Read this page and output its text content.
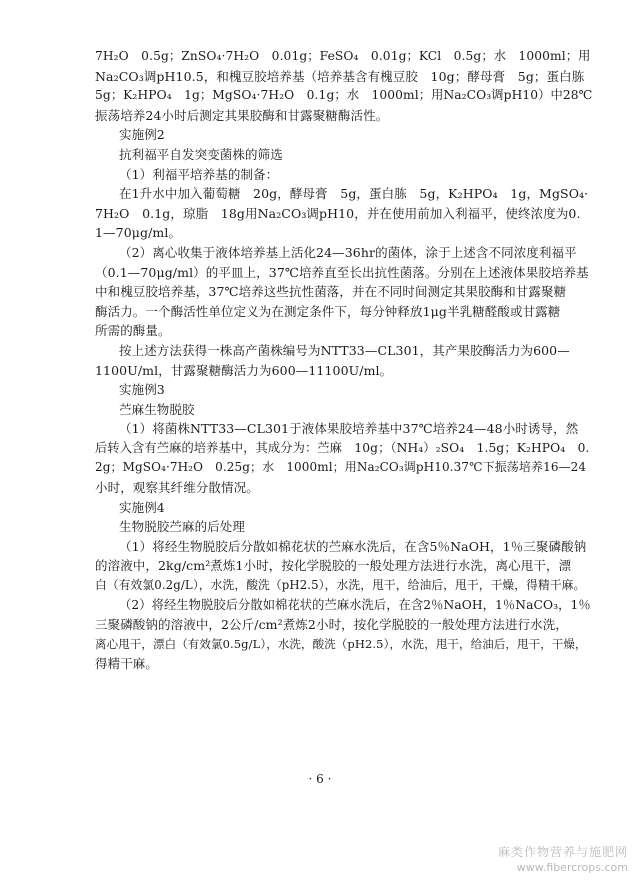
7H₂O　0.5g；ZnSO₄·7H₂O　0.01g；FeSO₄　0.01g；KCl　0.5g；水　1000ml；用
Na₂CO₃调pH10.5，和槐豆胶培养基（培养基含有槐豆胶　10g；酵母膏　5g；蛋白胨
5g；K₂HPO₄　1g；MgSO₄·7H₂O　0.1g；水　1000ml；用Na₂CO₃调pH10）中28℃
振荡培养24小时后测定其果胶酶和甘露聚糖酶活性。
实施例2
抗利福平自发突变菌株的筛选
（1）利福平培养基的制备：
在1升水中加入葡萄糖　20g，酵母膏　5g，蛋白胨　5g，K₂HPO₄　1g，MgSO₄·
7H₂O　0.1g，琼脂　18g用Na₂CO₃调pH10，并在使用前加入利福平，使终浓度为0.
1—70μg/ml。
（2）离心收集于液体培养基上活化24—36hr的菌体，涂于上述含不同浓度利福平
（0.1—70μg/ml）的平皿上，37℃培养直至长出抗性菌落。分别在上述液体果胶培养基
中和槐豆胶培养基，37℃培养这些抗性菌落，并在不同时间测定其果胶酶和甘露聚糖
酶活力。一个酶活性单位定义为在测定条件下，每分钟释放1μg半乳糖醛酸或甘露糖
所需的酶量。
按上述方法获得一株高产菌株编号为NTT33—CL301，其产果胶酶活力为600—
1100U/ml，甘露聚糖酶活力为600—11100U/ml。
实施例3
苎麻生物脱胶
（1）将菌株NTT33—CL301于液体果胶培养基中37℃培养24—48小时诱导，然
后转入含有苎麻的培养基中，其成分为：苎麻　10g；（NH₄）₂SO₄　1.5g；K₂HPO₄　0.
2g；MgSO₄·7H₂O　0.25g；水　1000ml；用Na₂CO₃调pH10.37℃下振荡培养16—24
小时，观察其纤维分散情况。
实施例4
生物脱胶苎麻的后处理
（1）将经生物脱胶后分散如棉花状的苎麻水洗后，在含5％NaOH，1％三聚磷酸钠
的溶液中，2kg/cm²煮炼1小时，按化学脱胶的一般处理方法进行水洗，离心甩干，漂
白（有效氯0.2g/L），水洗，酸洗（pH2.5），水洗，甩干，给油后，甩干，干燥，得精干麻。
（2）将经生物脱胶后分散如棉花状的苎麻水洗后，在含2％NaOH，1％NaCO₃，1％
三聚磷酸钠的溶液中，2公斤/cm²煮炼2小时，按化学脱胶的一般处理方法进行水洗，
离心甩干，漂白（有效氯0.5g/L），水洗，酸洗（pH2.5），水洗，甩干，给油后，甩干，干燥，
得精干麻。
· 6 ·
麻类作物营养与施肥网
www.fibercrops.com
